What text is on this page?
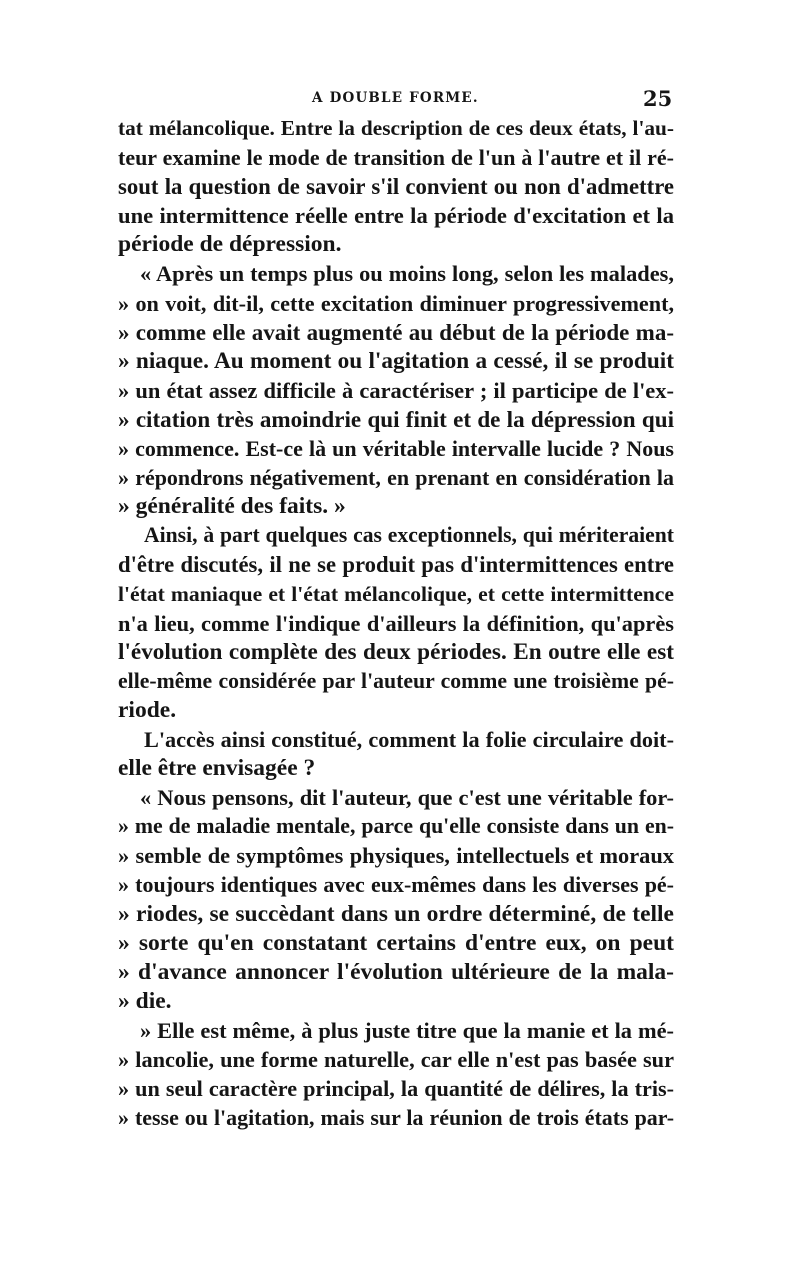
A DOUBLE FORME.	25
tat mélancolique. Entre la description de ces deux états, l'au-
teur examine le mode de transition de l'un à l'autre et il ré-
sout la question de savoir s'il convient ou non d'admettre
une intermittence réelle entre la période d'excitation et la
période de dépression.
« Après un temps plus ou moins long, selon les malades,
» on voit, dit-il, cette excitation diminuer progressivement,
» comme elle avait augmenté au début de la période ma-
» niaque. Au moment ou l'agitation a cessé, il se produit
» un état assez difficile à caractériser ; il participe de l'ex-
» citation très amoindrie qui finit et de la dépression qui
» commence. Est-ce là un véritable intervalle lucide ? Nous
» répondrons négativement, en prenant en considération la
» généralité des faits. »
Ainsi, à part quelques cas exceptionnels, qui mériteraient
d'être discutés, il ne se produit pas d'intermittences entre
l'état maniaque et l'état mélancolique, et cette intermittence
n'a lieu, comme l'indique d'ailleurs la définition, qu'après
l'évolution complète des deux périodes. En outre elle est
elle-même considérée par l'auteur comme une troisième pé-
riode.
L'accès ainsi constitué, comment la folie circulaire doit-
elle être envisagée ?
« Nous pensons, dit l'auteur, que c'est une véritable for-
» me de maladie mentale, parce qu'elle consiste dans un en-
» semble de symptômes physiques, intellectuels et moraux
» toujours identiques avec eux-mêmes dans les diverses pé-
» riodes, se succèdant dans un ordre déterminé, de telle
» sorte qu'en constatant certains d'entre eux, on peut
» d'avance annoncer l'évolution ultérieure de la mala-
» die.
» Elle est même, à plus juste titre que la manie et la mé-
» lancolie, une forme naturelle, car elle n'est pas basée sur
» un seul caractère principal, la quantité de délires, la tris-
» tesse ou l'agitation, mais sur la réunion de trois états par-
